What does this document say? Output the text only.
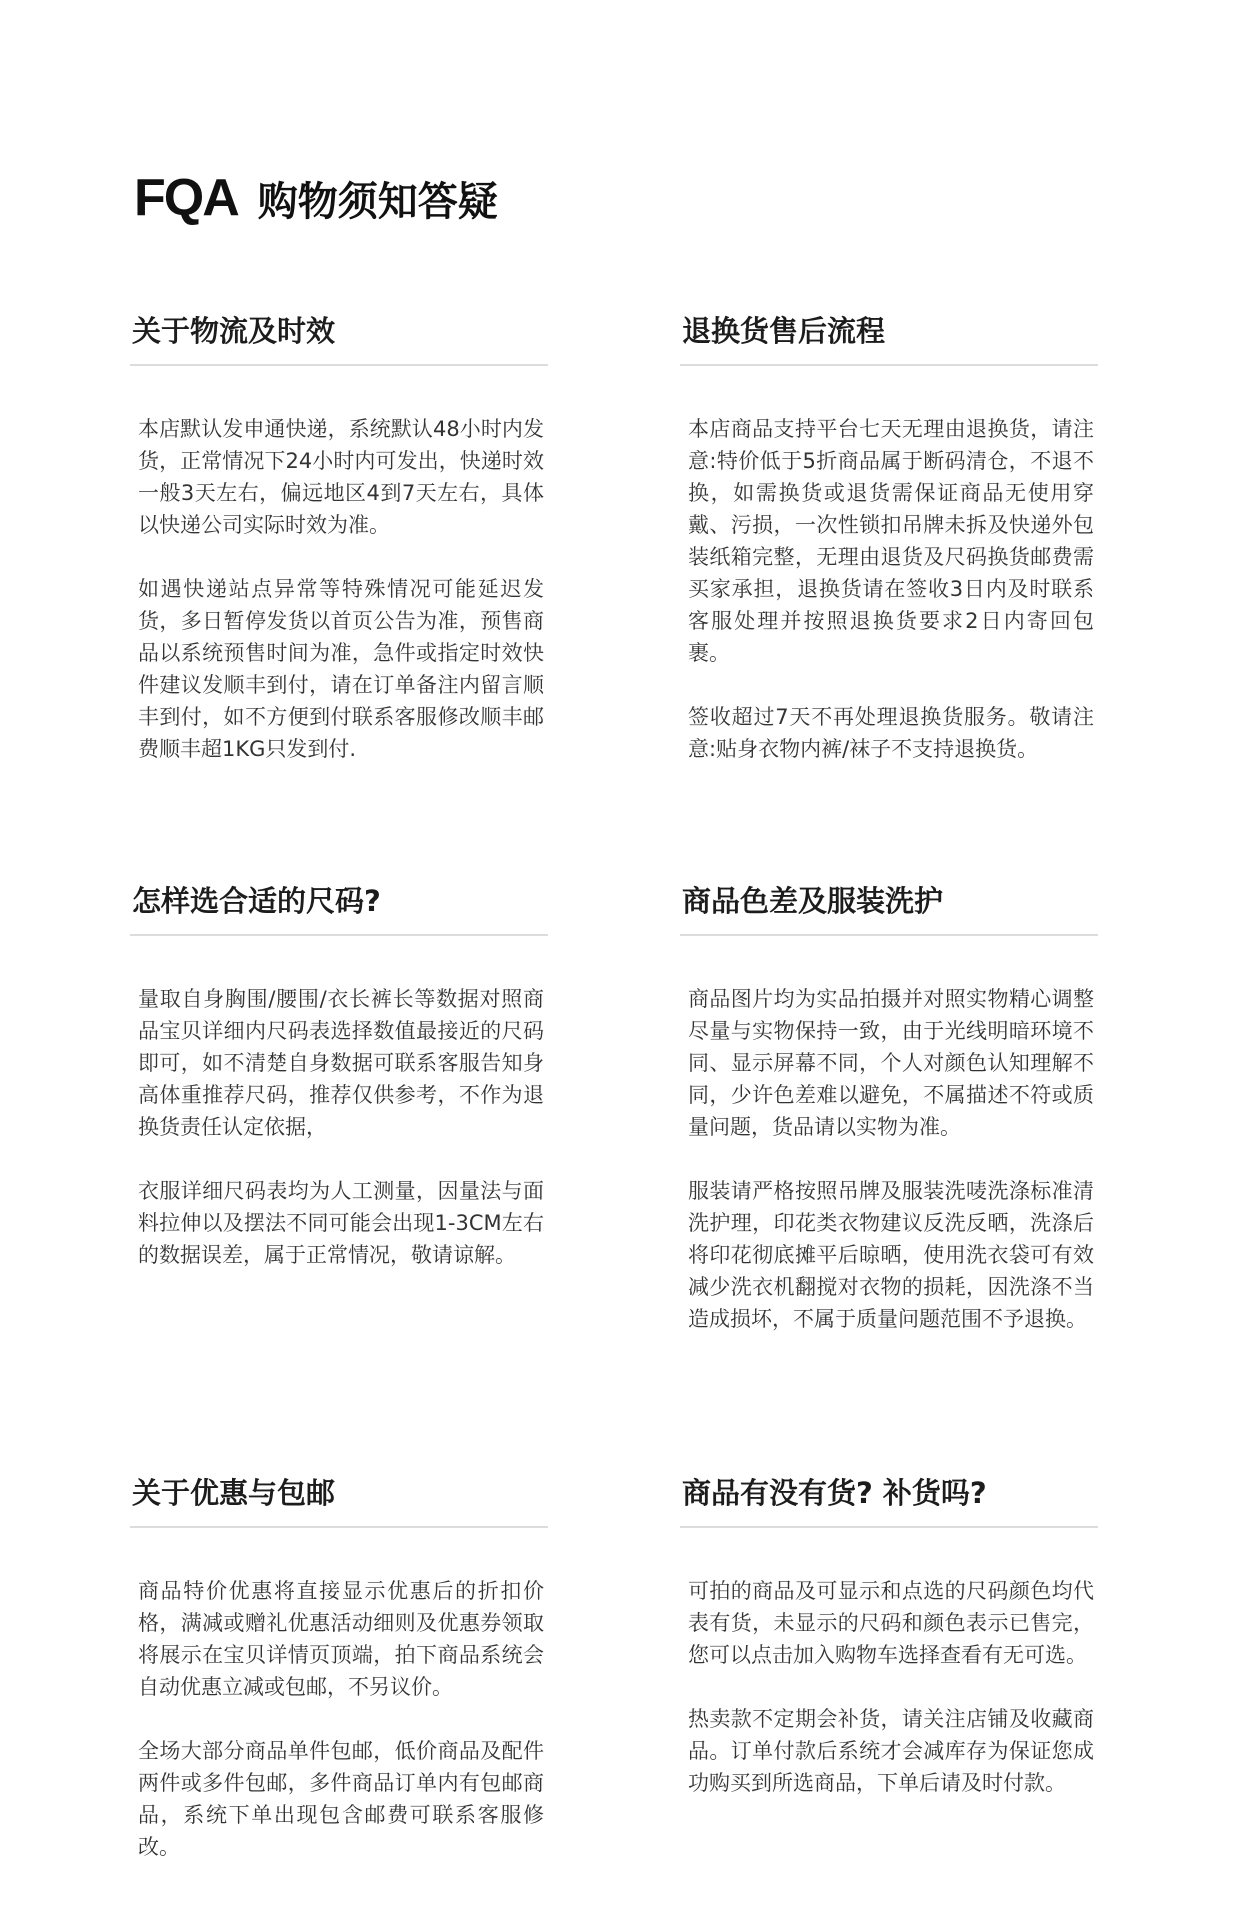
FQA 购物须知答疑
关于物流及时效

本店默认发申通快递，系统默认48小时内发货，正常情况下24小时内可发出，快递时效一般3天左右，偏远地区4到7天左右，具体以快递公司实际时效为准。

如遇快递站点异常等特殊情况可能延迟发货，多日暂停发货以首页公告为准，预售商品以系统预售时间为准，急件或指定时效快件建议发顺丰到付，请在订单备注内留言顺丰到付，如不方便到付联系客服修改顺丰邮费顺丰超1KG只发到付.

退换货售后流程

本店商品支持平台七天无理由退换货，请注意:特价低于5折商品属于断码清仓，不退不换，如需换货或退货需保证商品无使用穿戴、污损，一次性锁扣吊牌未拆及快递外包装纸箱完整，无理由退货及尺码换货邮费需买家承担，退换货请在签收3日内及时联系客服处理并按照退换货要求2日内寄回包裹。

签收超过7天不再处理退换货服务。敬请注意:贴身衣物内裤/袜子不支持退换货。

怎样选合适的尺码?

量取自身胸围/腰围/衣长裤长等数据对照商品宝贝详细内尺码表选择数值最接近的尺码即可，如不清楚自身数据可联系客服告知身高体重推荐尺码，推荐仅供参考，不作为退换货责任认定依据，

衣服详细尺码表均为人工测量，因量法与面料拉伸以及摆法不同可能会出现1-3CM左右的数据误差，属于正常情况，敬请谅解。

商品色差及服装洗护

商品图片均为实品拍摄并对照实物精心调整尽量与实物保持一致，由于光线明暗环境不同、显示屏幕不同，个人对颜色认知理解不同，少许色差难以避免，不属描述不符或质量问题，货品请以实物为准。

服装请严格按照吊牌及服装洗唛洗涤标准清洗护理，印花类衣物建议反洗反晒，洗涤后将印花彻底摊平后晾晒，使用洗衣袋可有效减少洗衣机翻搅对衣物的损耗，因洗涤不当造成损坏，不属于质量问题范围不予退换。

关于优惠与包邮

商品特价优惠将直接显示优惠后的折扣价格，满减或赠礼优惠活动细则及优惠券领取将展示在宝贝详情页顶端，拍下商品系统会自动优惠立减或包邮，不另议价。

全场大部分商品单件包邮，低价商品及配件两件或多件包邮，多件商品订单内有包邮商品，系统下单出现包含邮费可联系客服修改。

商品有没有货? 补货吗?

可拍的商品及可显示和点选的尺码颜色均代表有货，未显示的尺码和颜色表示已售完，您可以点击加入购物车选择查看有无可选。

热卖款不定期会补货，请关注店铺及收藏商品。订单付款后系统才会减库存为保证您成功购买到所选商品，下单后请及时付款。
